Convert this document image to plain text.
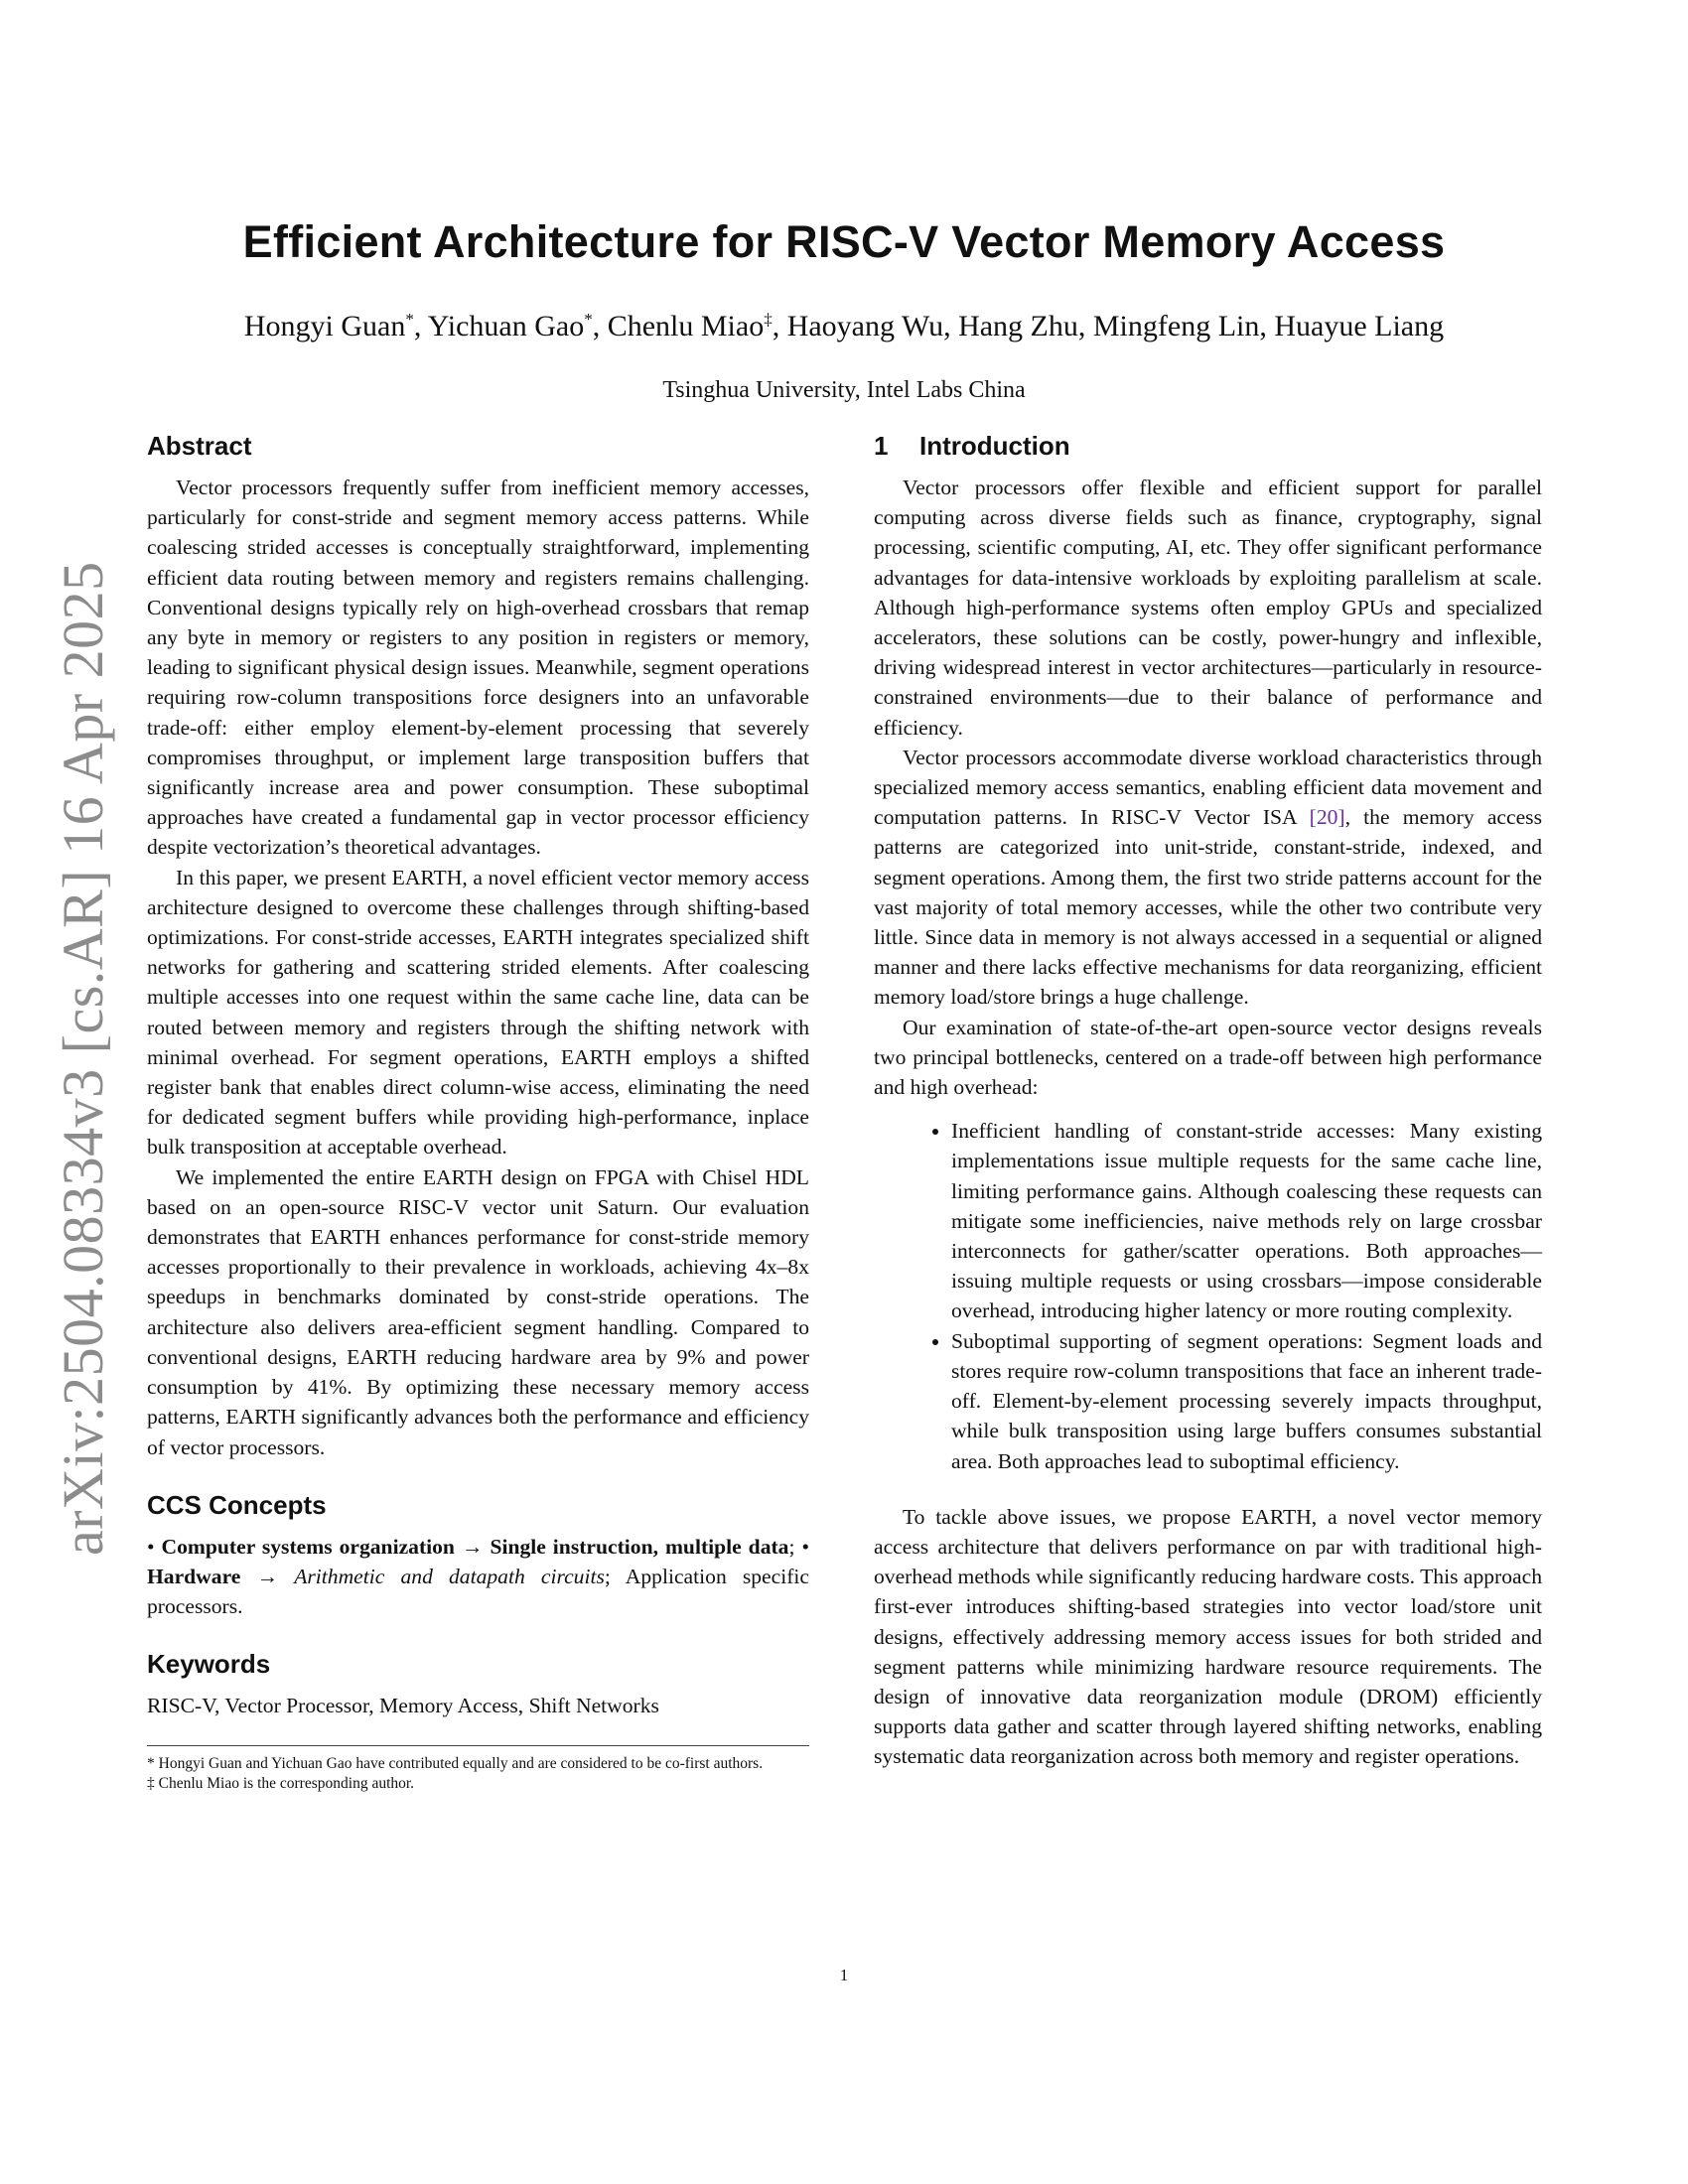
arXiv:2504.08334v3 [cs.AR] 16 Apr 2025
Efficient Architecture for RISC-V Vector Memory Access
Hongyi Guan*, Yichuan Gao*, Chenlu Miao‡, Haoyang Wu, Hang Zhu, Mingfeng Lin, Huayue Liang
Tsinghua University, Intel Labs China
Abstract

Vector processors frequently suffer from inefficient memory accesses, particularly for const-stride and segment memory access patterns. While coalescing strided accesses is conceptually straightforward, implementing efficient data routing between memory and registers remains challenging. Conventional designs typically rely on high-overhead crossbars that remap any byte in memory or registers to any position in registers or memory, leading to significant physical design issues. Meanwhile, segment operations requiring row-column transpositions force designers into an unfavorable trade-off: either employ element-by-element processing that severely compromises throughput, or implement large transposition buffers that significantly increase area and power consumption. These suboptimal approaches have created a fundamental gap in vector processor efficiency despite vectorization’s theoretical advantages.

In this paper, we present EARTH, a novel efficient vector memory access architecture designed to overcome these challenges through shifting-based optimizations. For const-stride accesses, EARTH integrates specialized shift networks for gathering and scattering strided elements. After coalescing multiple accesses into one request within the same cache line, data can be routed between memory and registers through the shifting network with minimal overhead. For segment operations, EARTH employs a shifted register bank that enables direct column-wise access, eliminating the need for dedicated segment buffers while providing high-performance, inplace bulk transposition at acceptable overhead.

We implemented the entire EARTH design on FPGA with Chisel HDL based on an open-source RISC-V vector unit Saturn. Our evaluation demonstrates that EARTH enhances performance for const-stride memory accesses proportionally to their prevalence in workloads, achieving 4x–8x speedups in benchmarks dominated by const-stride operations. The architecture also delivers area-efficient segment handling. Compared to conventional designs, EARTH reducing hardware area by 9% and power consumption by 41%. By optimizing these necessary memory access patterns, EARTH significantly advances both the performance and efficiency of vector processors.

CCS Concepts

• Computer systems organization → Single instruction, multiple data; • Hardware → Arithmetic and datapath circuits; Application specific processors.

Keywords

RISC-V, Vector Processor, Memory Access, Shift Networks

* Hongyi Guan and Yichuan Gao have contributed equally and are considered to be co-first authors.
‡ Chenlu Miao is the corresponding author.
1 Introduction

Vector processors offer flexible and efficient support for parallel computing across diverse fields such as finance, cryptography, signal processing, scientific computing, AI, etc. They offer significant performance advantages for data-intensive workloads by exploiting parallelism at scale. Although high-performance systems often employ GPUs and specialized accelerators, these solutions can be costly, power-hungry and inflexible, driving widespread interest in vector architectures—particularly in resource-constrained environments—due to their balance of performance and efficiency.

Vector processors accommodate diverse workload characteristics through specialized memory access semantics, enabling efficient data movement and computation patterns. In RISC-V Vector ISA [20], the memory access patterns are categorized into unit-stride, constant-stride, indexed, and segment operations. Among them, the first two stride patterns account for the vast majority of total memory accesses, while the other two contribute very little. Since data in memory is not always accessed in a sequential or aligned manner and there lacks effective mechanisms for data reorganizing, efficient memory load/store brings a huge challenge.

Our examination of state-of-the-art open-source vector designs reveals two principal bottlenecks, centered on a trade-off between high performance and high overhead:

• Inefficient handling of constant-stride accesses: Many existing implementations issue multiple requests for the same cache line, limiting performance gains. Although coalescing these requests can mitigate some inefficiencies, naive methods rely on large crossbar interconnects for gather/scatter operations. Both approaches—issuing multiple requests or using crossbars—impose considerable overhead, introducing higher latency or more routing complexity.
• Suboptimal supporting of segment operations: Segment loads and stores require row-column transpositions that face an inherent trade-off. Element-by-element processing severely impacts throughput, while bulk transposition using large buffers consumes substantial area. Both approaches lead to suboptimal efficiency.

To tackle above issues, we propose EARTH, a novel vector memory access architecture that delivers performance on par with traditional high-overhead methods while significantly reducing hardware costs. This approach first-ever introduces shifting-based strategies into vector load/store unit designs, effectively addressing memory access issues for both strided and segment patterns while minimizing hardware resource requirements. The design of innovative data reorganization module (DROM) efficiently supports data gather and scatter through layered shifting networks, enabling systematic data reorganization across both memory and register operations.

1
